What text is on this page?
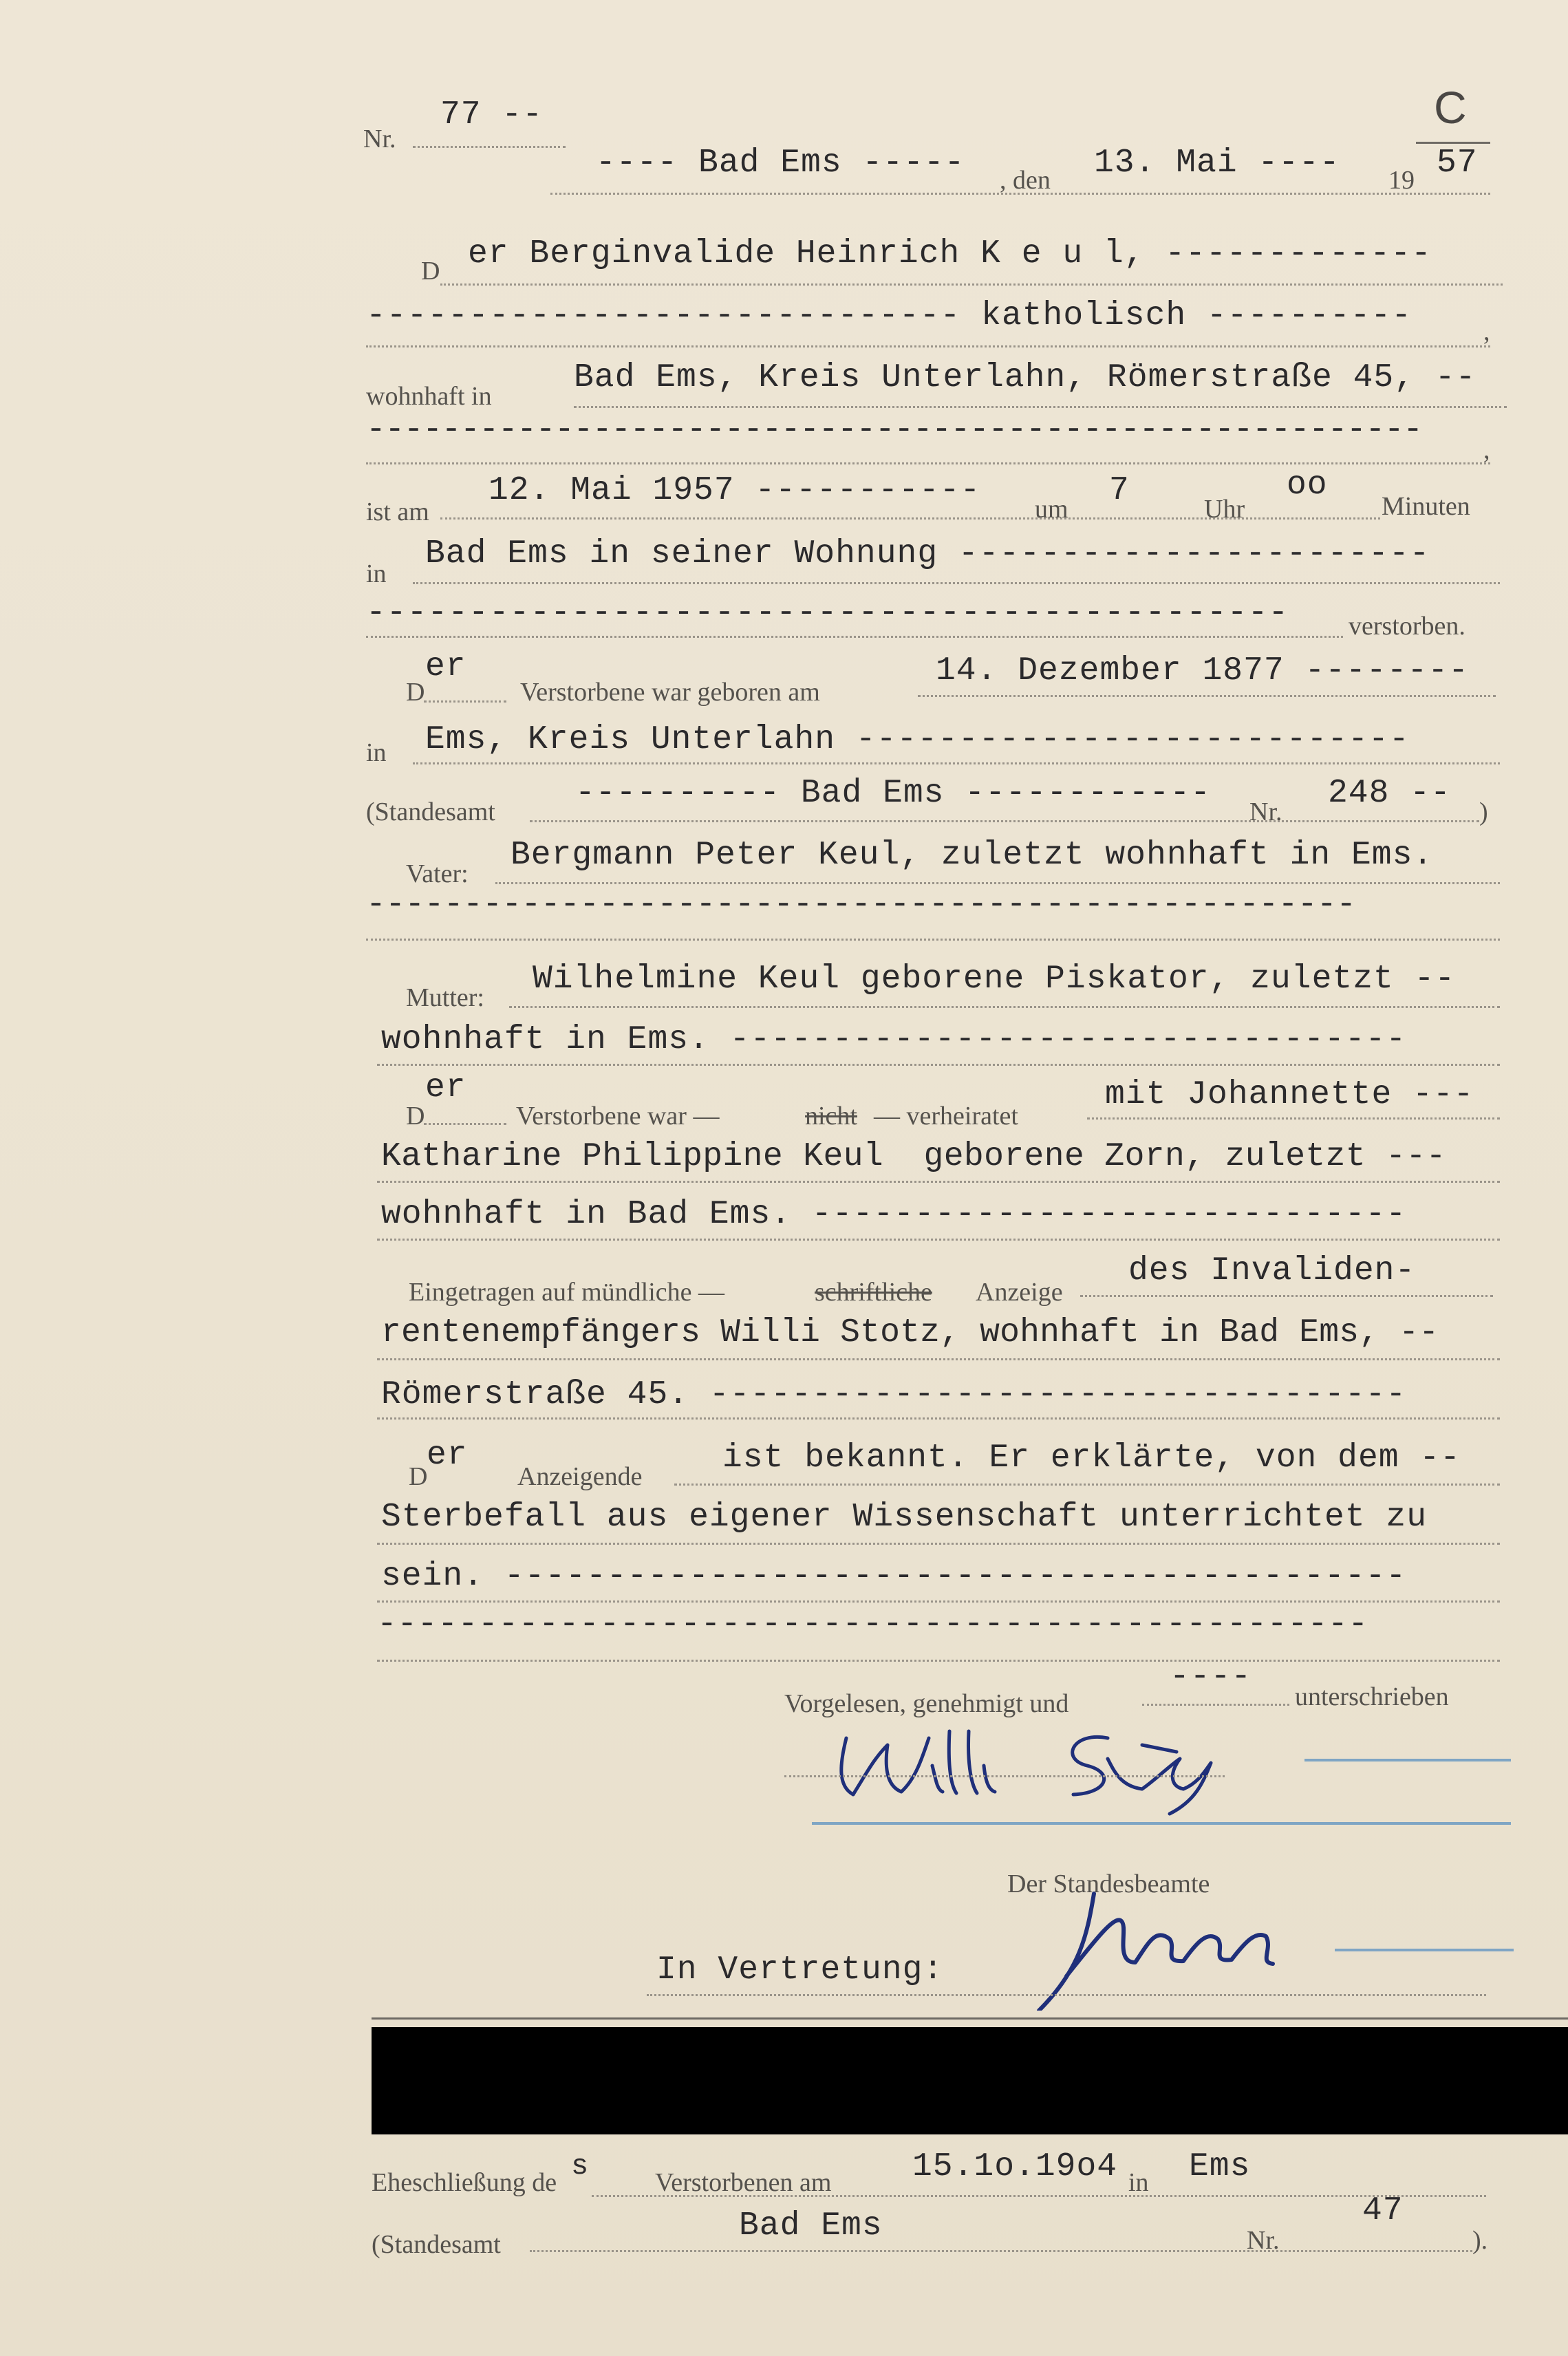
Nr.
77 --	C
---- Bad Ems ----- , den 13. Mai ---- 19 57
D er Berginvalide Heinrich K e u l, -------------
----------------------------- katholisch ----------	,
wohnhaft in Bad Ems, Kreis Unterlahn, Römerstraße 45, --
--------------------------------------------------------
,
ist am
12. Mai 1957 ----------- um 7	Uhr
oo
Minuten
in
Bad Ems in seiner Wohnung -----------------------
--------------------------------------------- verstorben.
D
er
Verstorbene war geboren am
14. Dezember 1877 --------
in Ems, Kreis Unterlahn ---------------------------
(Standesamt ---------- Bad Ems ------------ Nr. 248 -- )
Vater: Bergmann Peter Keul, zuletzt wohnhaft in Ems.
---------------------------------------------------
Mutter: Wilhelmine Keul geborene Piskator, zuletzt --
wohnhaft in Ems. ---------------------------------
D
er
Verstorbene war —	nicht — verheiratet
mit Johannette ---
Katharine Philippine Keul  geborene Zorn, zuletzt ---
wohnhaft in Bad Ems. -----------------------------
Eingetragen auf mündliche —	schriftliche Anzeige
des Invaliden-
rentenempfängers Willi Stotz, wohnhaft in Bad Ems, --
Römerstraße 45. ----------------------------------
D
er
Anzeigende ist bekannt. Er erklärte, von dem --
Sterbefall aus eigener Wissenschaft unterrichtet zu
sein. --------------------------------------------
-------------------------------------------------
Vorgelesen, genehmigt und
----
unterschrieben
Der Standesbeamte
In Vertretung:
Eheschließung de s	Verstorbenen am 15.1o.19o4 in Ems
(Standesamt	Bad Ems	Nr.
47
).
